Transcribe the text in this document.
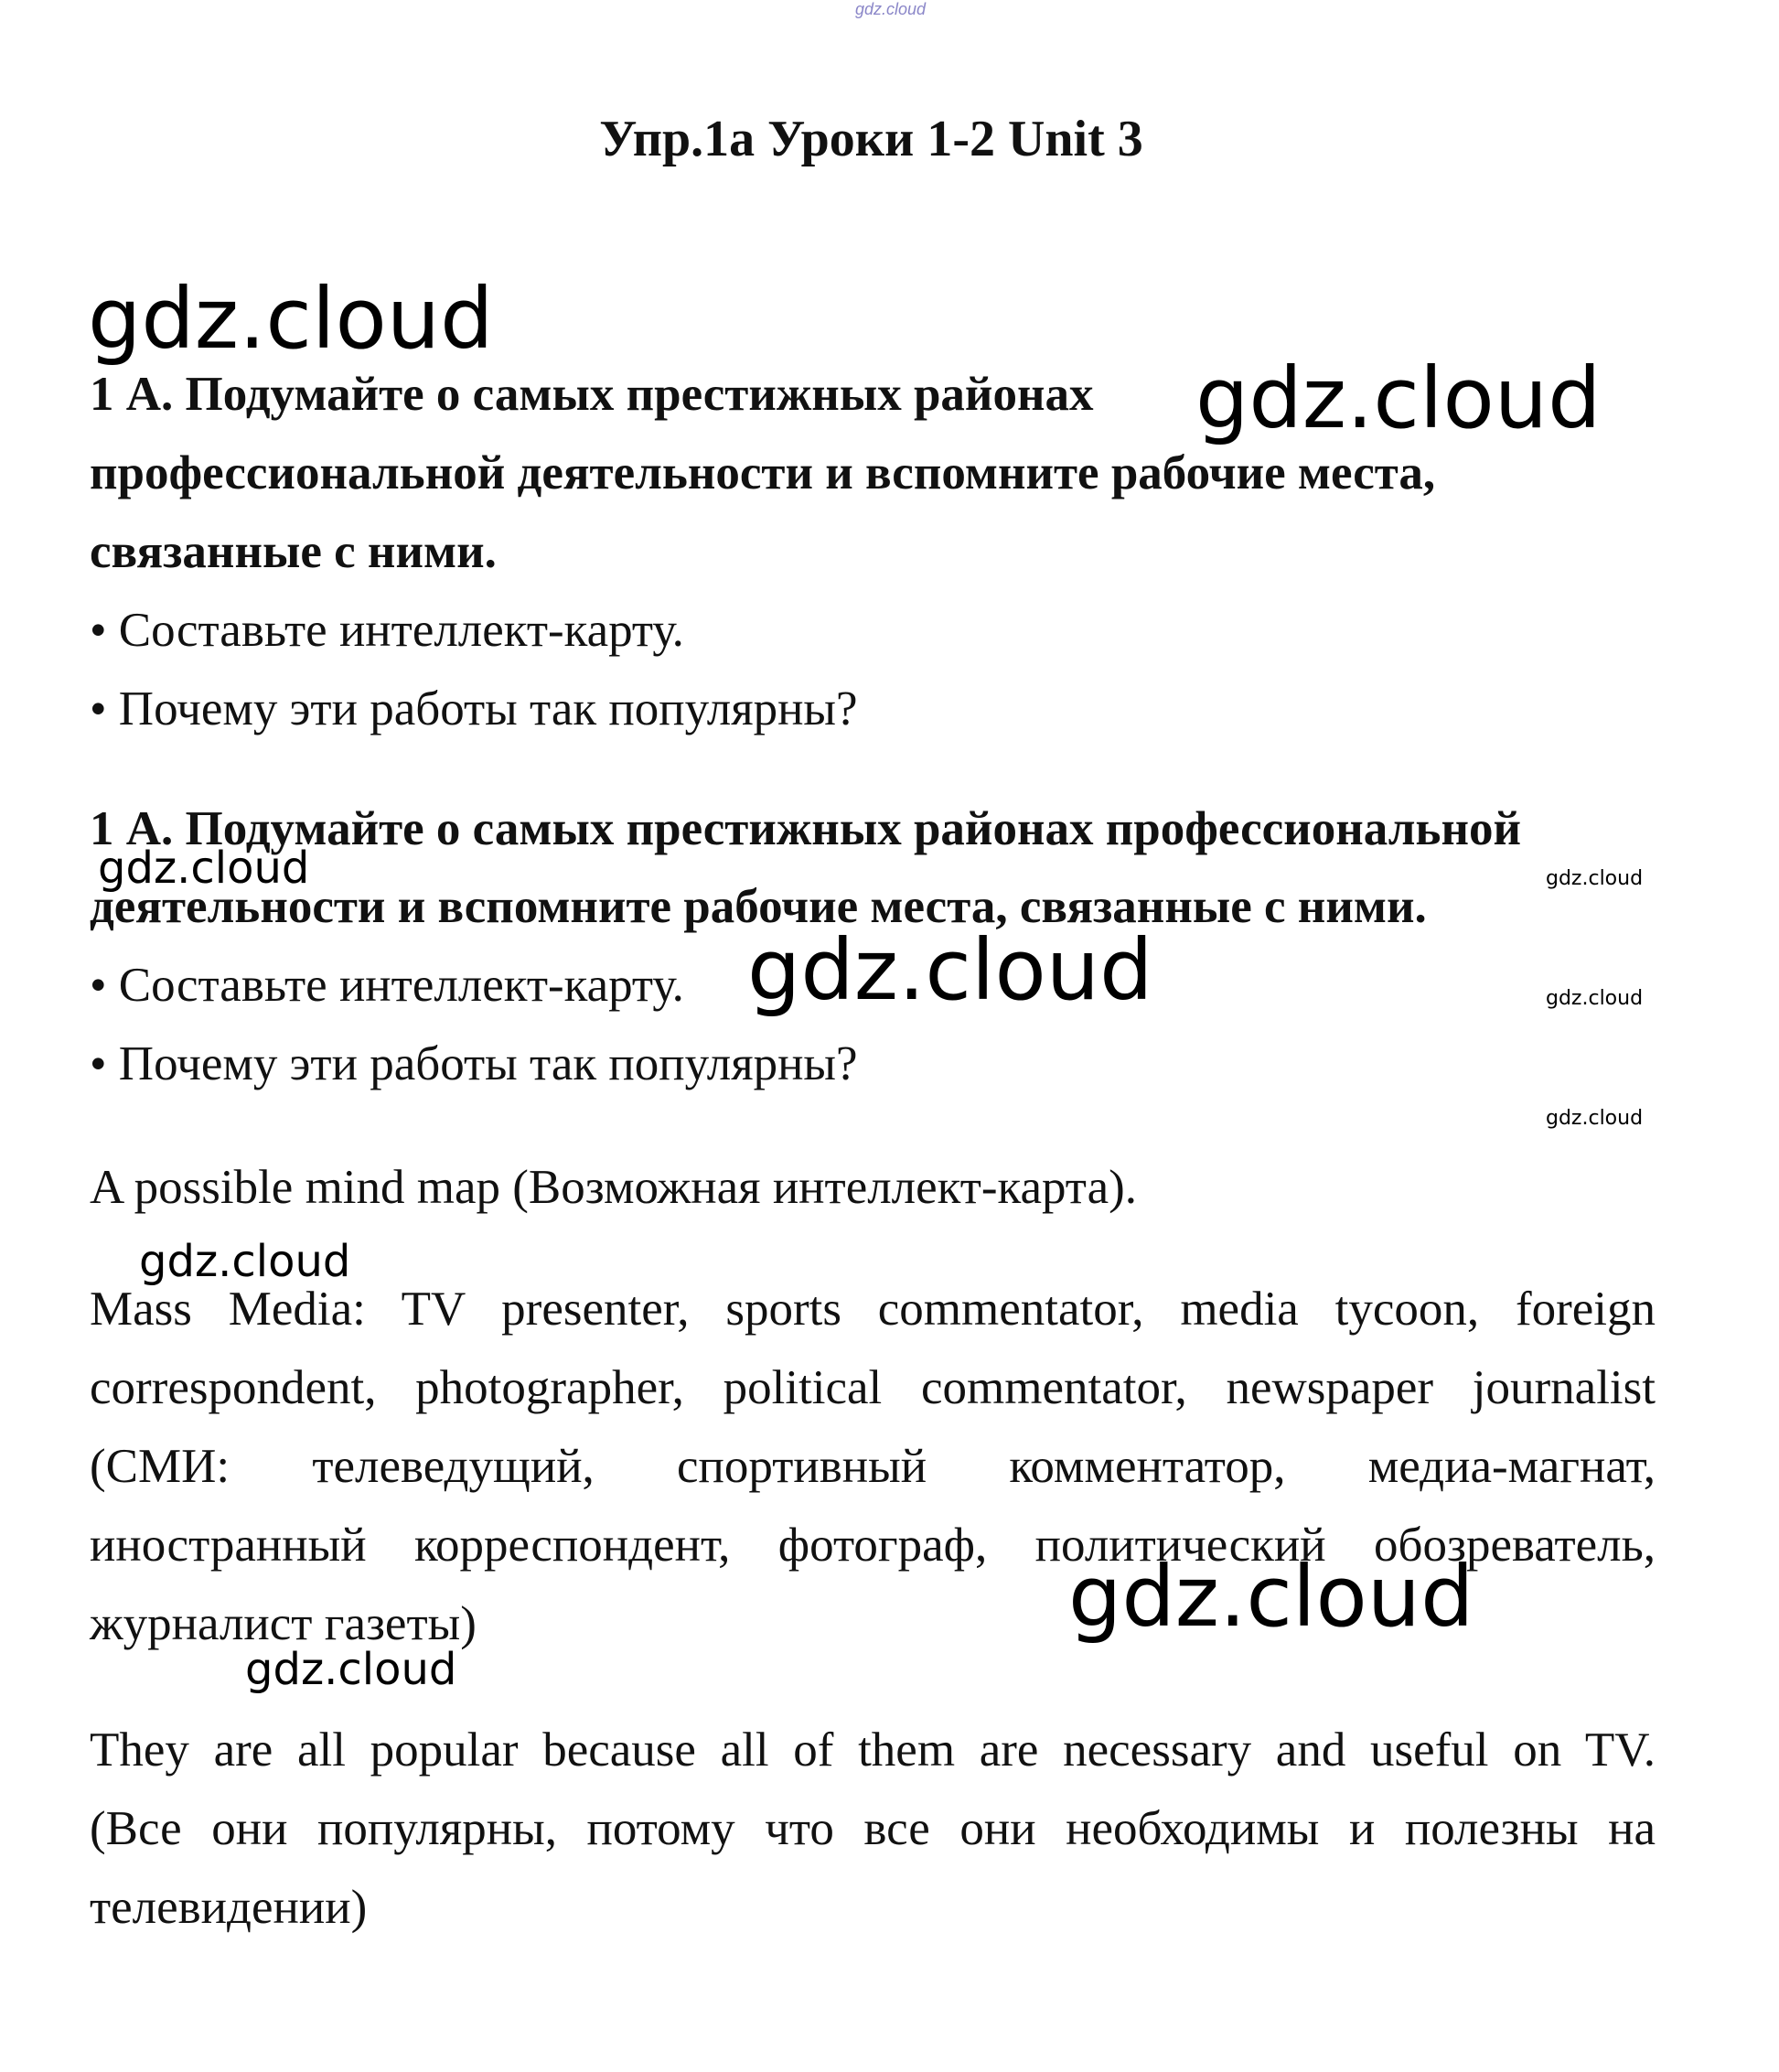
gdz.cloud
Упр.1а Уроки 1-2 Unit 3
1 А. Подумайте о самых престижных районах
профессиональной деятельности и вспомните рабочие места,
связанные с ними.
• Составьте интеллект-карту.
• Почему эти работы так популярны?
1 А. Подумайте о самых престижных районах профессиональной
деятельности и вспомните рабочие места, связанные с ними.
• Составьте интеллект-карту.
• Почему эти работы так популярны?
A possible mind map (Возможная интеллект-карта).
Mass Media: TV presenter, sports commentator, media tycoon, foreign
correspondent, photographer, political commentator, newspaper journalist
(СМИ: телеведущий, спортивный комментатор, медиа-магнат,
иностранный корреспондент, фотограф, политический обозреватель,
журналист газеты)
They are all popular because all of them are necessary and useful on TV.
(Все они популярны, потому что все они необходимы и полезны на
телевидении)
gdz.cloud
gdz.cloud
gdz.cloud	gdz.cloud
gdz.cloud	gdz.cloud
gdz.cloud
gdz.cloud
gdz.cloud
gdz.cloud
